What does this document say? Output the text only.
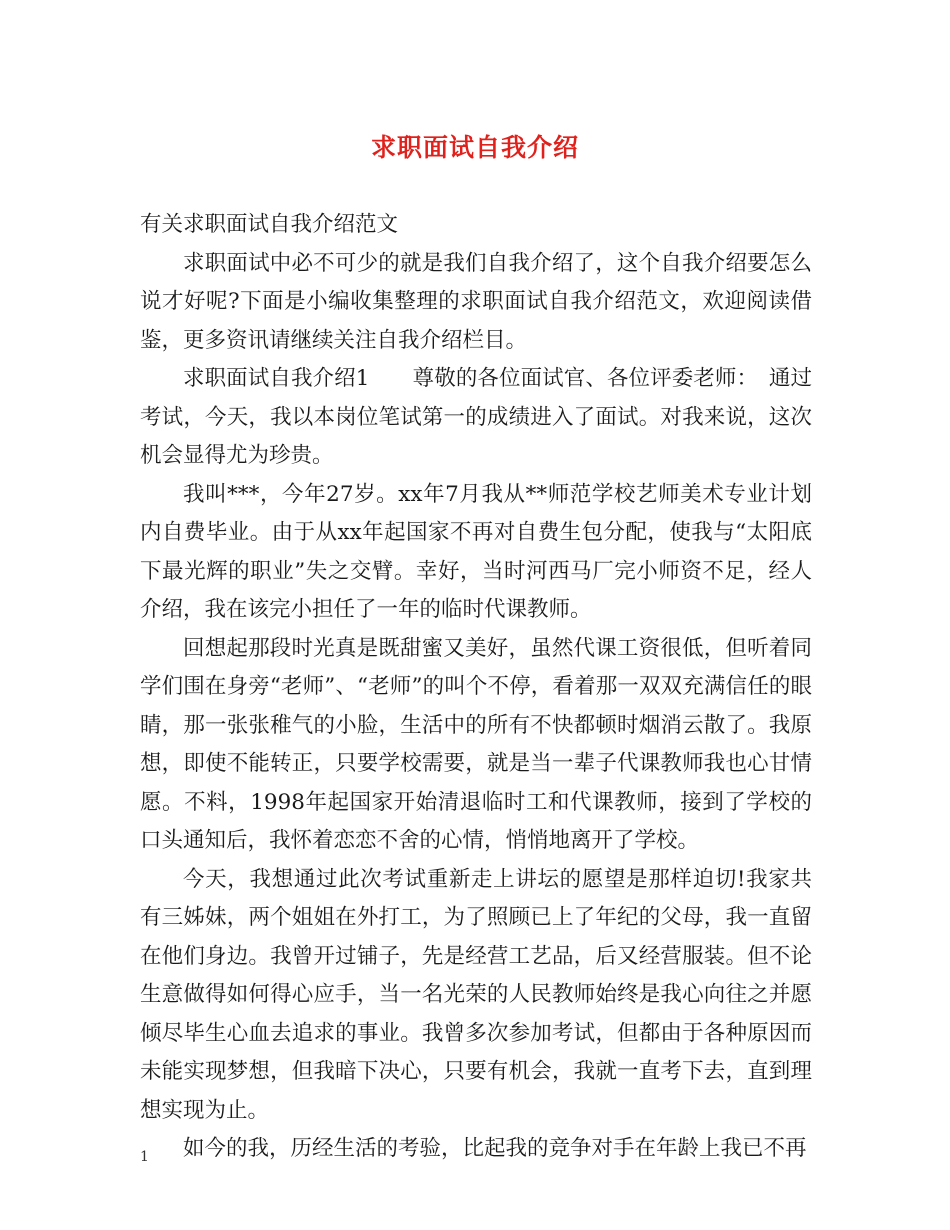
求职面试自我介绍

有关求职面试自我介绍范文

求职面试中必不可少的就是我们自我介绍了，这个自我介绍要怎么说才好呢?下面是小编收集整理的求职面试自我介绍范文，欢迎阅读借鉴，更多资讯请继续关注自我介绍栏目。

求职面试自我介绍1　　尊敬的各位面试官、各位评委老师：　通过考试，今天，我以本岗位笔试第一的成绩进入了面试。对我来说，这次机会显得尤为珍贵。

我叫***，今年27岁。xx年7月我从**师范学校艺师美术专业计划内自费毕业。由于从xx年起国家不再对自费生包分配，使我与“太阳底下最光辉的职业”失之交臂。幸好，当时河西马厂完小师资不足，经人介绍，我在该完小担任了一年的临时代课教师。

回想起那段时光真是既甜蜜又美好，虽然代课工资很低，但听着同学们围在身旁“老师”、“老师”的叫个不停，看着那一双双充满信任的眼睛，那一张张稚气的小脸，生活中的所有不快都顿时烟消云散了。我原想，即使不能转正，只要学校需要，就是当一辈子代课教师我也心甘情愿。不料，1998年起国家开始清退临时工和代课教师，接到了学校的口头通知后，我怀着恋恋不舍的心情，悄悄地离开了学校。

今天，我想通过此次考试重新走上讲坛的愿望是那样迫切!我家共有三姊妹，两个姐姐在外打工，为了照顾已上了年纪的父母，我一直留在他们身边。我曾开过铺子，先是经营工艺品，后又经营服装。但不论生意做得如何得心应手，当一名光荣的人民教师始终是我心向往之并愿倾尽毕生心血去追求的事业。我曾多次参加考试，但都由于各种原因而未能实现梦想，但我暗下决心，只要有机会，我就一直考下去，直到理想实现为止。

如今的我，历经生活的考验，比起我的竞争对手在年龄上我已不再

1
